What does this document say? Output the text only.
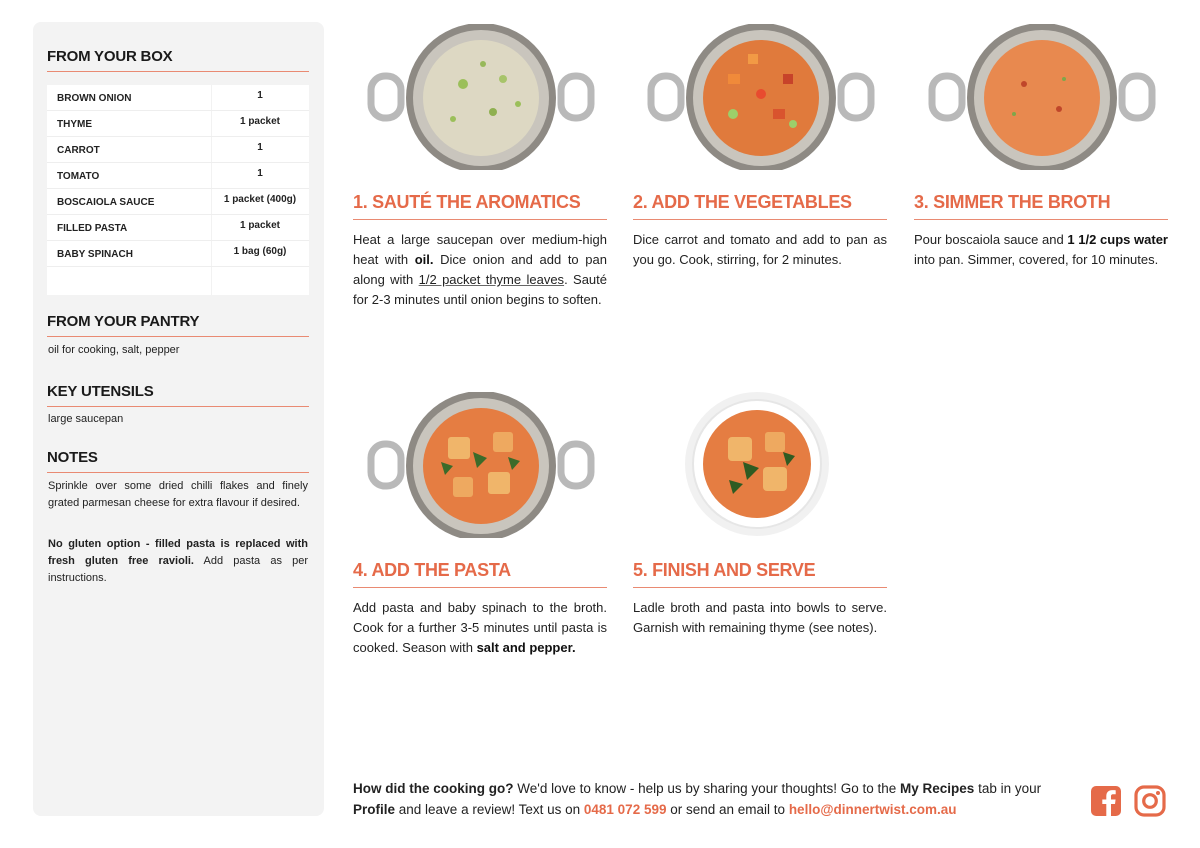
FROM YOUR BOX
BROWN ONION	1
THYME	1 packet
CARROT	1
TOMATO	1
BOSCAIOLA SAUCE	1 packet (400g)
FILLED PASTA	1 packet
BABY SPINACH	1 bag (60g)
FROM YOUR PANTRY
oil for cooking, salt, pepper
KEY UTENSILS
large saucepan
NOTES
Sprinkle over some dried chilli flakes and finely grated parmesan cheese for extra flavour if desired.
No gluten option - filled pasta is replaced with fresh gluten free ravioli. Add pasta as per instructions.
1. SAUTÉ THE AROMATICS

Heat a large saucepan over medium-high heat with oil. Dice onion and add to pan along with 1/2 packet thyme leaves. Sauté for 2-3 minutes until onion begins to soften.

2. ADD THE VEGETABLES

Dice carrot and tomato and add to pan as you go. Cook, stirring, for 2 minutes.

3. SIMMER THE BROTH

Pour boscaiola sauce and 1 1/2 cups water into pan. Simmer, covered, for 10 minutes.

4. ADD THE PASTA

Add pasta and baby spinach to the broth. Cook for a further 3-5 minutes until pasta is cooked. Season with salt and pepper.

5. FINISH AND SERVE

Ladle broth and pasta into bowls to serve. Garnish with remaining thyme (see notes).

How did the cooking go? We'd love to know - help us by sharing your thoughts! Go to the My Recipes tab in your Profile and leave a review! Text us on 0481 072 599 or send an email to hello@dinnertwist.com.au
